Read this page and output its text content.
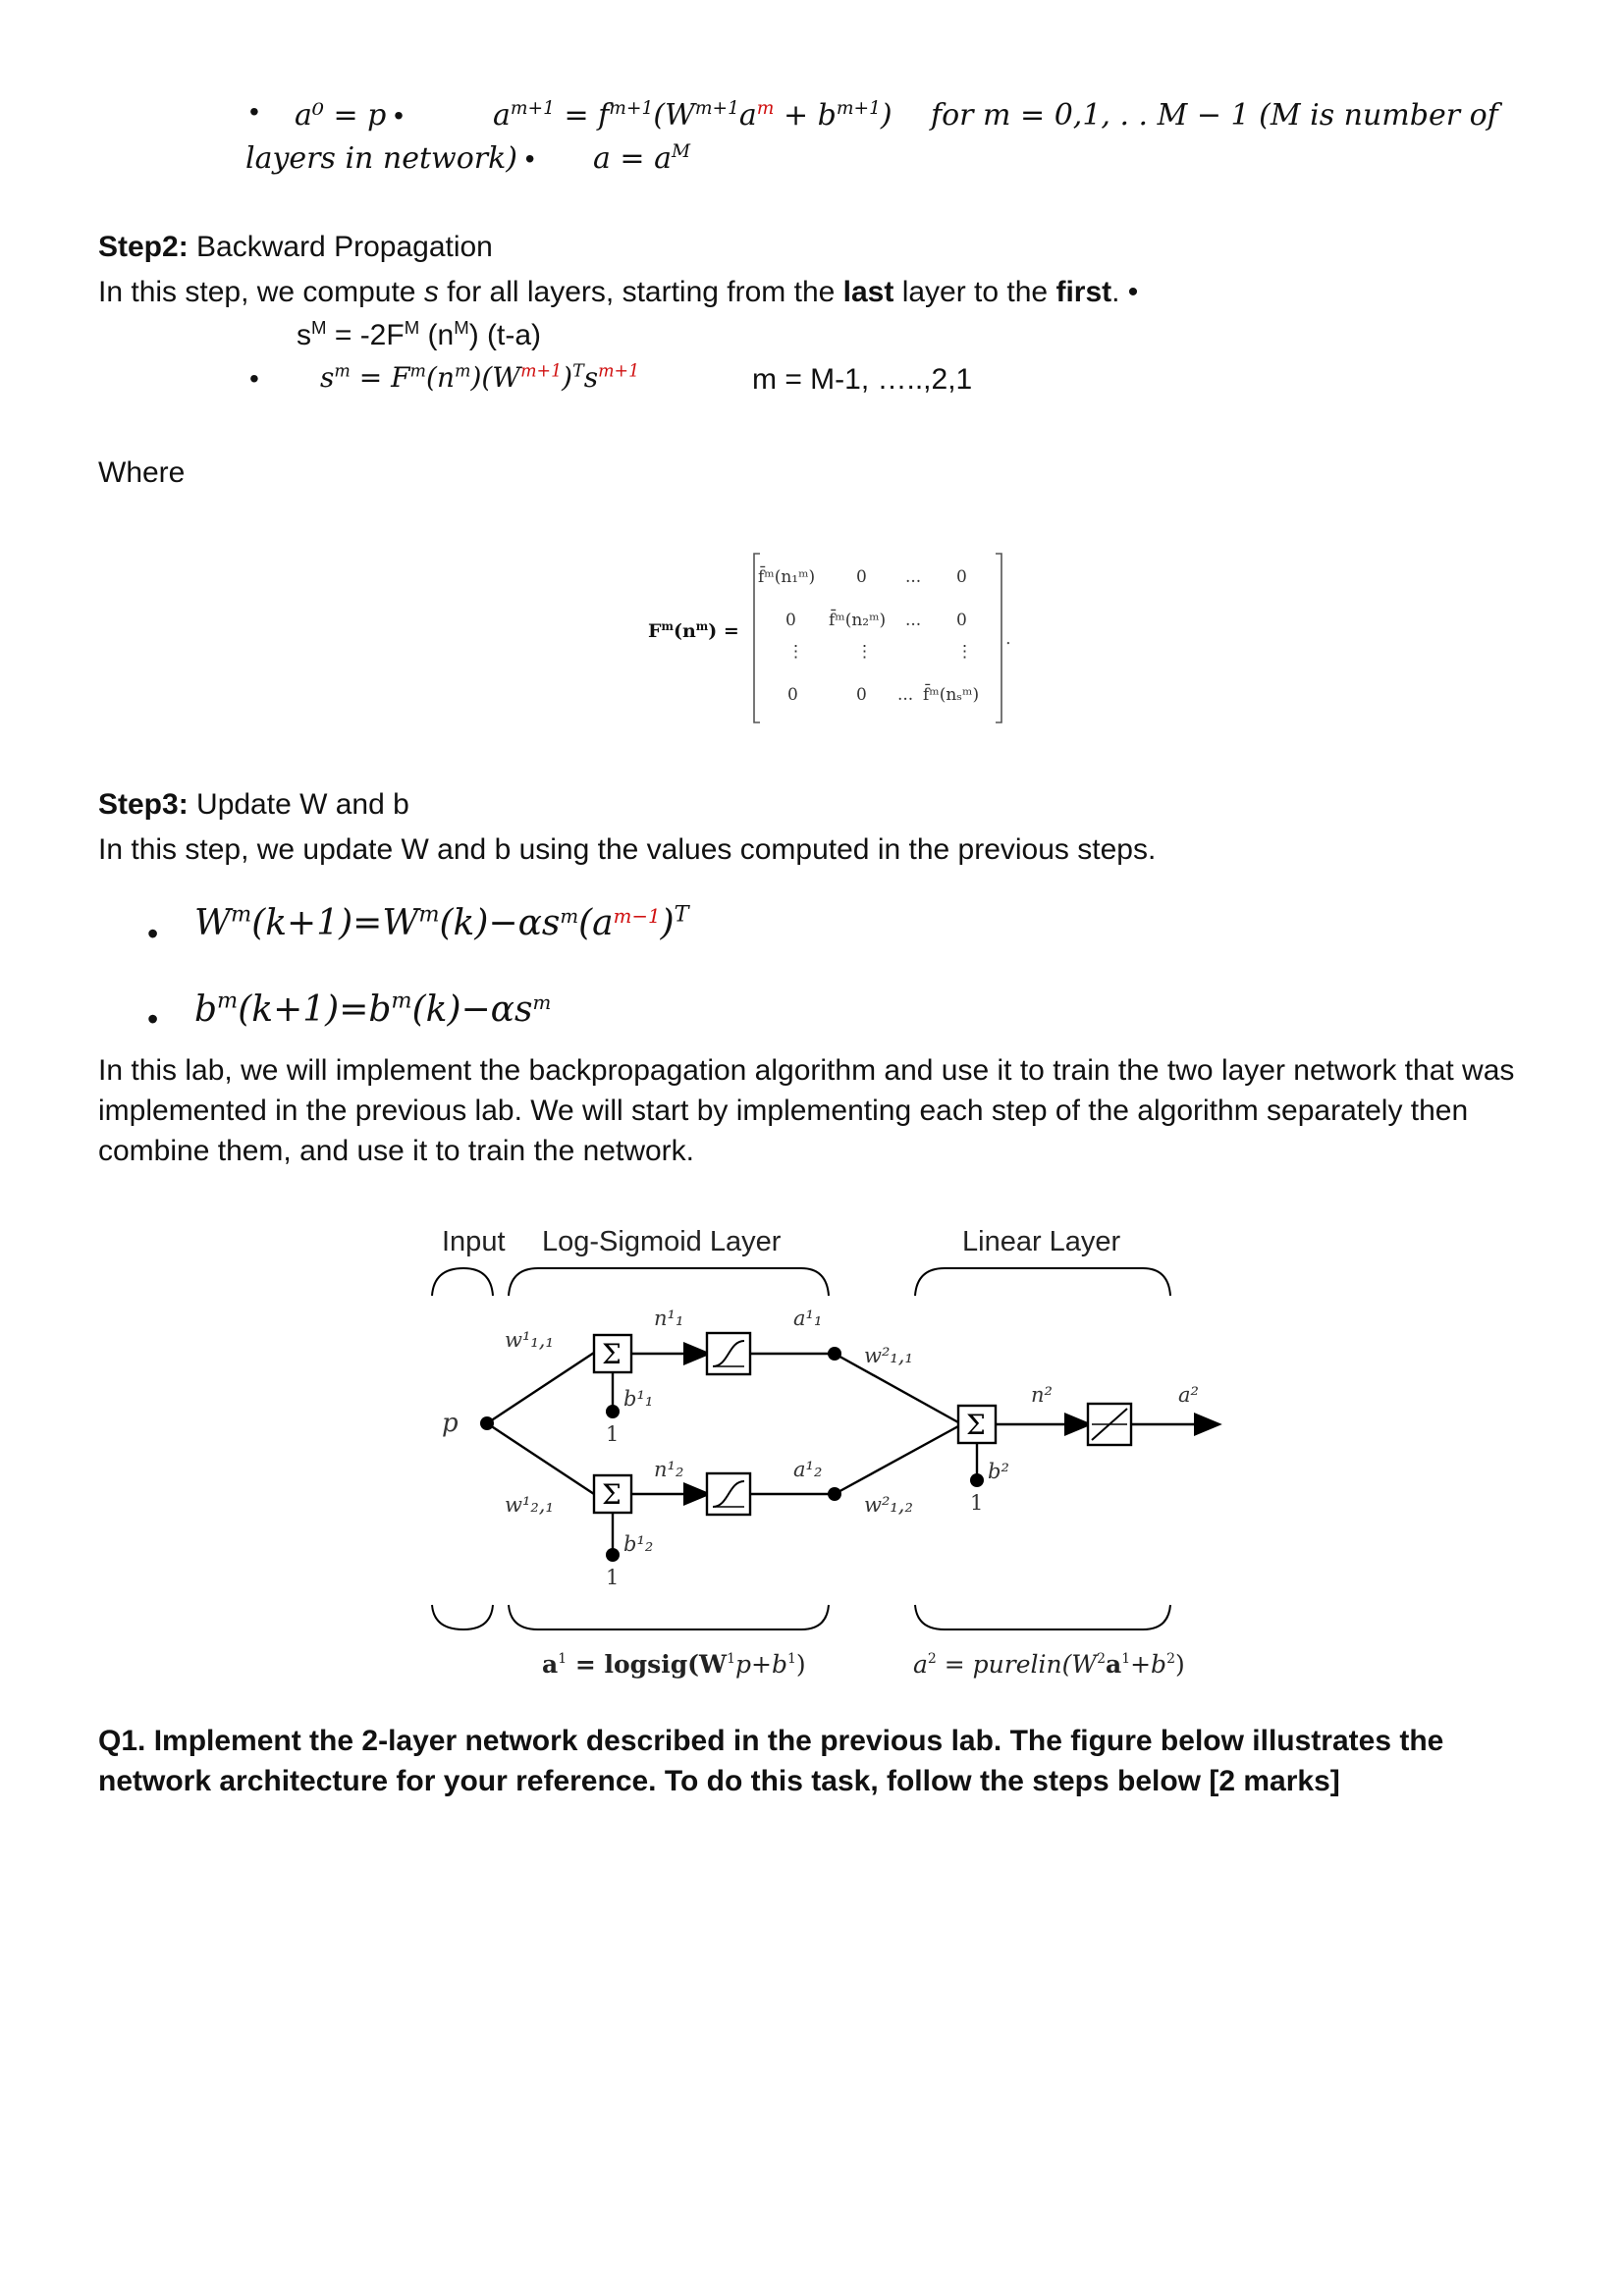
• a⁰ = p •	$a^{m+1} = f^{m+1}(W^{m+1}a^m + b^{m+1})$ for m = 0,1, . . M − 1 (M is number of
layers in network) • $a = a^M$
Step2: Backward Propagation
In this step, we compute s for all layers, starting from the last layer to the first. •
$s^M = -2F^M$ $(n^M)$ (t-a)
• $s^m = F^m(n^m)(W^{m+1})^Ts^{m+1}$	m = M-1, …..,2,1
Where
$F^m(n^m)$ =
f̄ᵐ(n₁ᵐ) 0 ... 0
0 f̄ᵐ(n₂ᵐ) ... 0
⋮	⋮	⋮
0	0 ... f̄ᵐ(nₛᵐ)
.
Step3: Update W and b
In this step, we update W and b using the values computed in the previous steps.
• $W^m(k+1)=W^m(k)-\alpha s^m(a^{m-1})^T$
• $b^m(k+1)=b^m(k)-\alpha s^m$
In this lab, we will implement the backpropagation algorithm and use it to train the two layer network that was implemented in the previous lab. We will start by implementing each step of the algorithm separately then combine them, and use it to train the network.
Input Log-Sigmoid Layer	Linear Layer
p
w¹₁,₁
w¹₂,₁
Σ
n¹₁	a¹₁
b¹₁
1
Σ
n¹₂	a¹₂
b¹₂
1
w²₁,₁
w²₁,₂
Σ
n²	a²
b²
1
$a^1$ = $logsig(W^1p+b^1)$	$a^2$ = $purelin(W^2a^1+b^2)$
Q1. Implement the 2-layer network described in the previous lab. The figure below illustrates the network architecture for your reference. To do this task, follow the steps below [2 marks]
